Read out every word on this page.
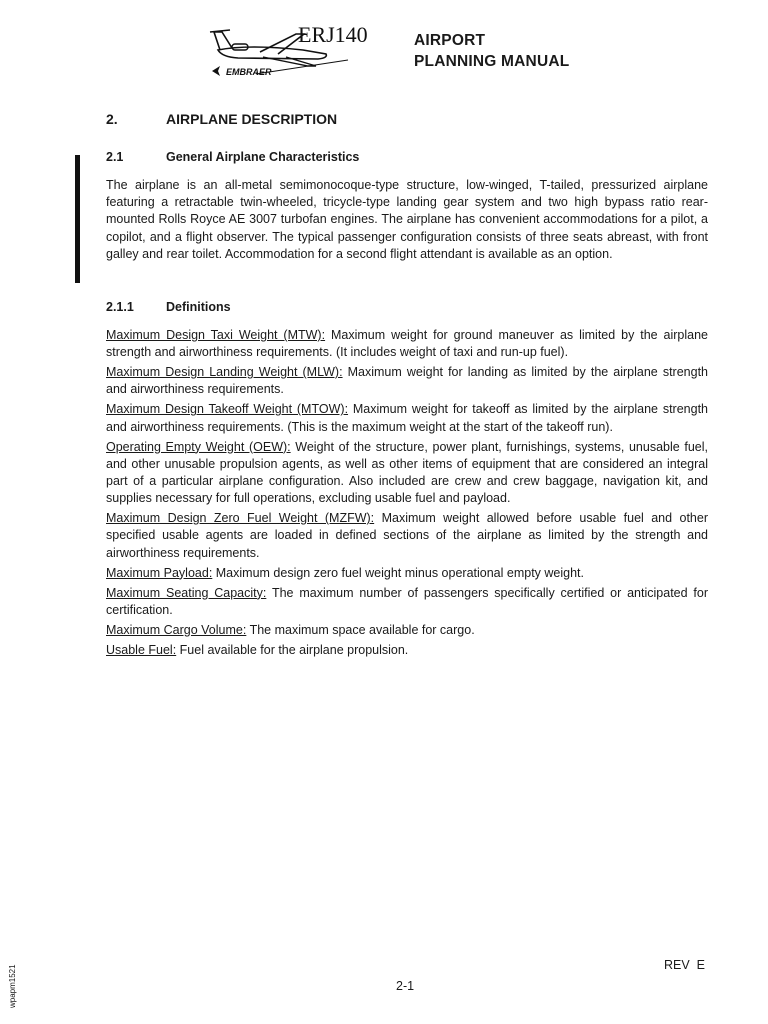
ERJ140
EMBRAER
AIRPORT
PLANNING MANUAL
2.	AIRPLANE DESCRIPTION
2.1	General Airplane Characteristics

The airplane is an all-metal semimonocoque-type structure, low-winged, T-tailed, pressurized airplane featuring a retractable twin-wheeled, tricycle-type landing gear system and two high bypass ratio rear-mounted Rolls Royce AE 3007 turbofan engines. The airplane has convenient accommodations for a pilot, a copilot, and a flight observer. The typical passenger configuration consists of three seats abreast, with front galley and rear toilet. Accommodation for a second flight attendant is available as an option.

2.1.1	Definitions

Maximum Design Taxi Weight (MTW): Maximum weight for ground maneuver as limited by the airplane strength and airworthiness requirements. (It includes weight of taxi and run-up fuel).

Maximum Design Landing Weight (MLW): Maximum weight for landing as limited by the airplane strength and airworthiness requirements.

Maximum Design Takeoff Weight (MTOW): Maximum weight for takeoff as limited by the airplane strength and airworthiness requirements. (This is the maximum weight at the start of the takeoff run).

Operating Empty Weight (OEW): Weight of the structure, power plant, furnishings, systems, unusable fuel, and other unusable propulsion agents, as well as other items of equipment that are considered an integral part of a particular airplane configuration. Also included are crew and crew baggage, navigation kit, and supplies necessary for full operations, excluding usable fuel and payload.

Maximum Design Zero Fuel Weight (MZFW): Maximum weight allowed before usable fuel and other specified usable agents are loaded in defined sections of the airplane as limited by the strength and airworthiness requirements.

Maximum Payload: Maximum design zero fuel weight minus operational empty weight.

Maximum Seating Capacity: The maximum number of passengers specifically certified or anticipated for certification.

Maximum Cargo Volume: The maximum space available for cargo.

Usable Fuel: Fuel available for the airplane propulsion.

REV  E
2-1
wpapm1521
